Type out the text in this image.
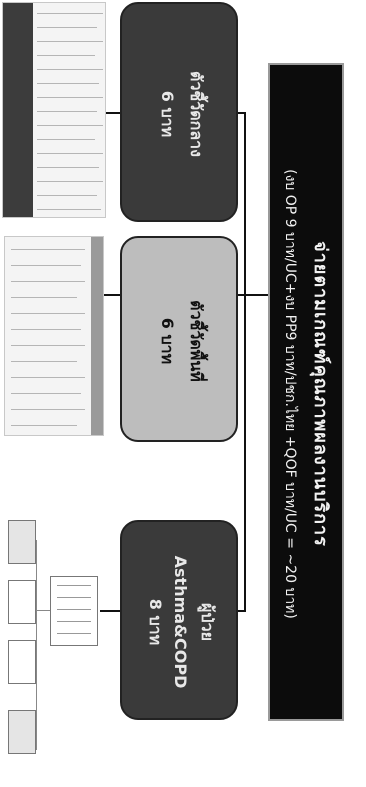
จ่ายตามเกณฑ์คุณภาพผลงานบริการ
(งบ OP 9 บาท/UC+งบ PP9 บาท/ปชก.ไทย +QOF บาท/UC = ~20 บาท)
ตัวชี้วัดกลาง
6 บาท
ตัวชี้วัดพื้นที่
6 บาท
ผู้ป่วย
Asthma&COPD
8 บาท
